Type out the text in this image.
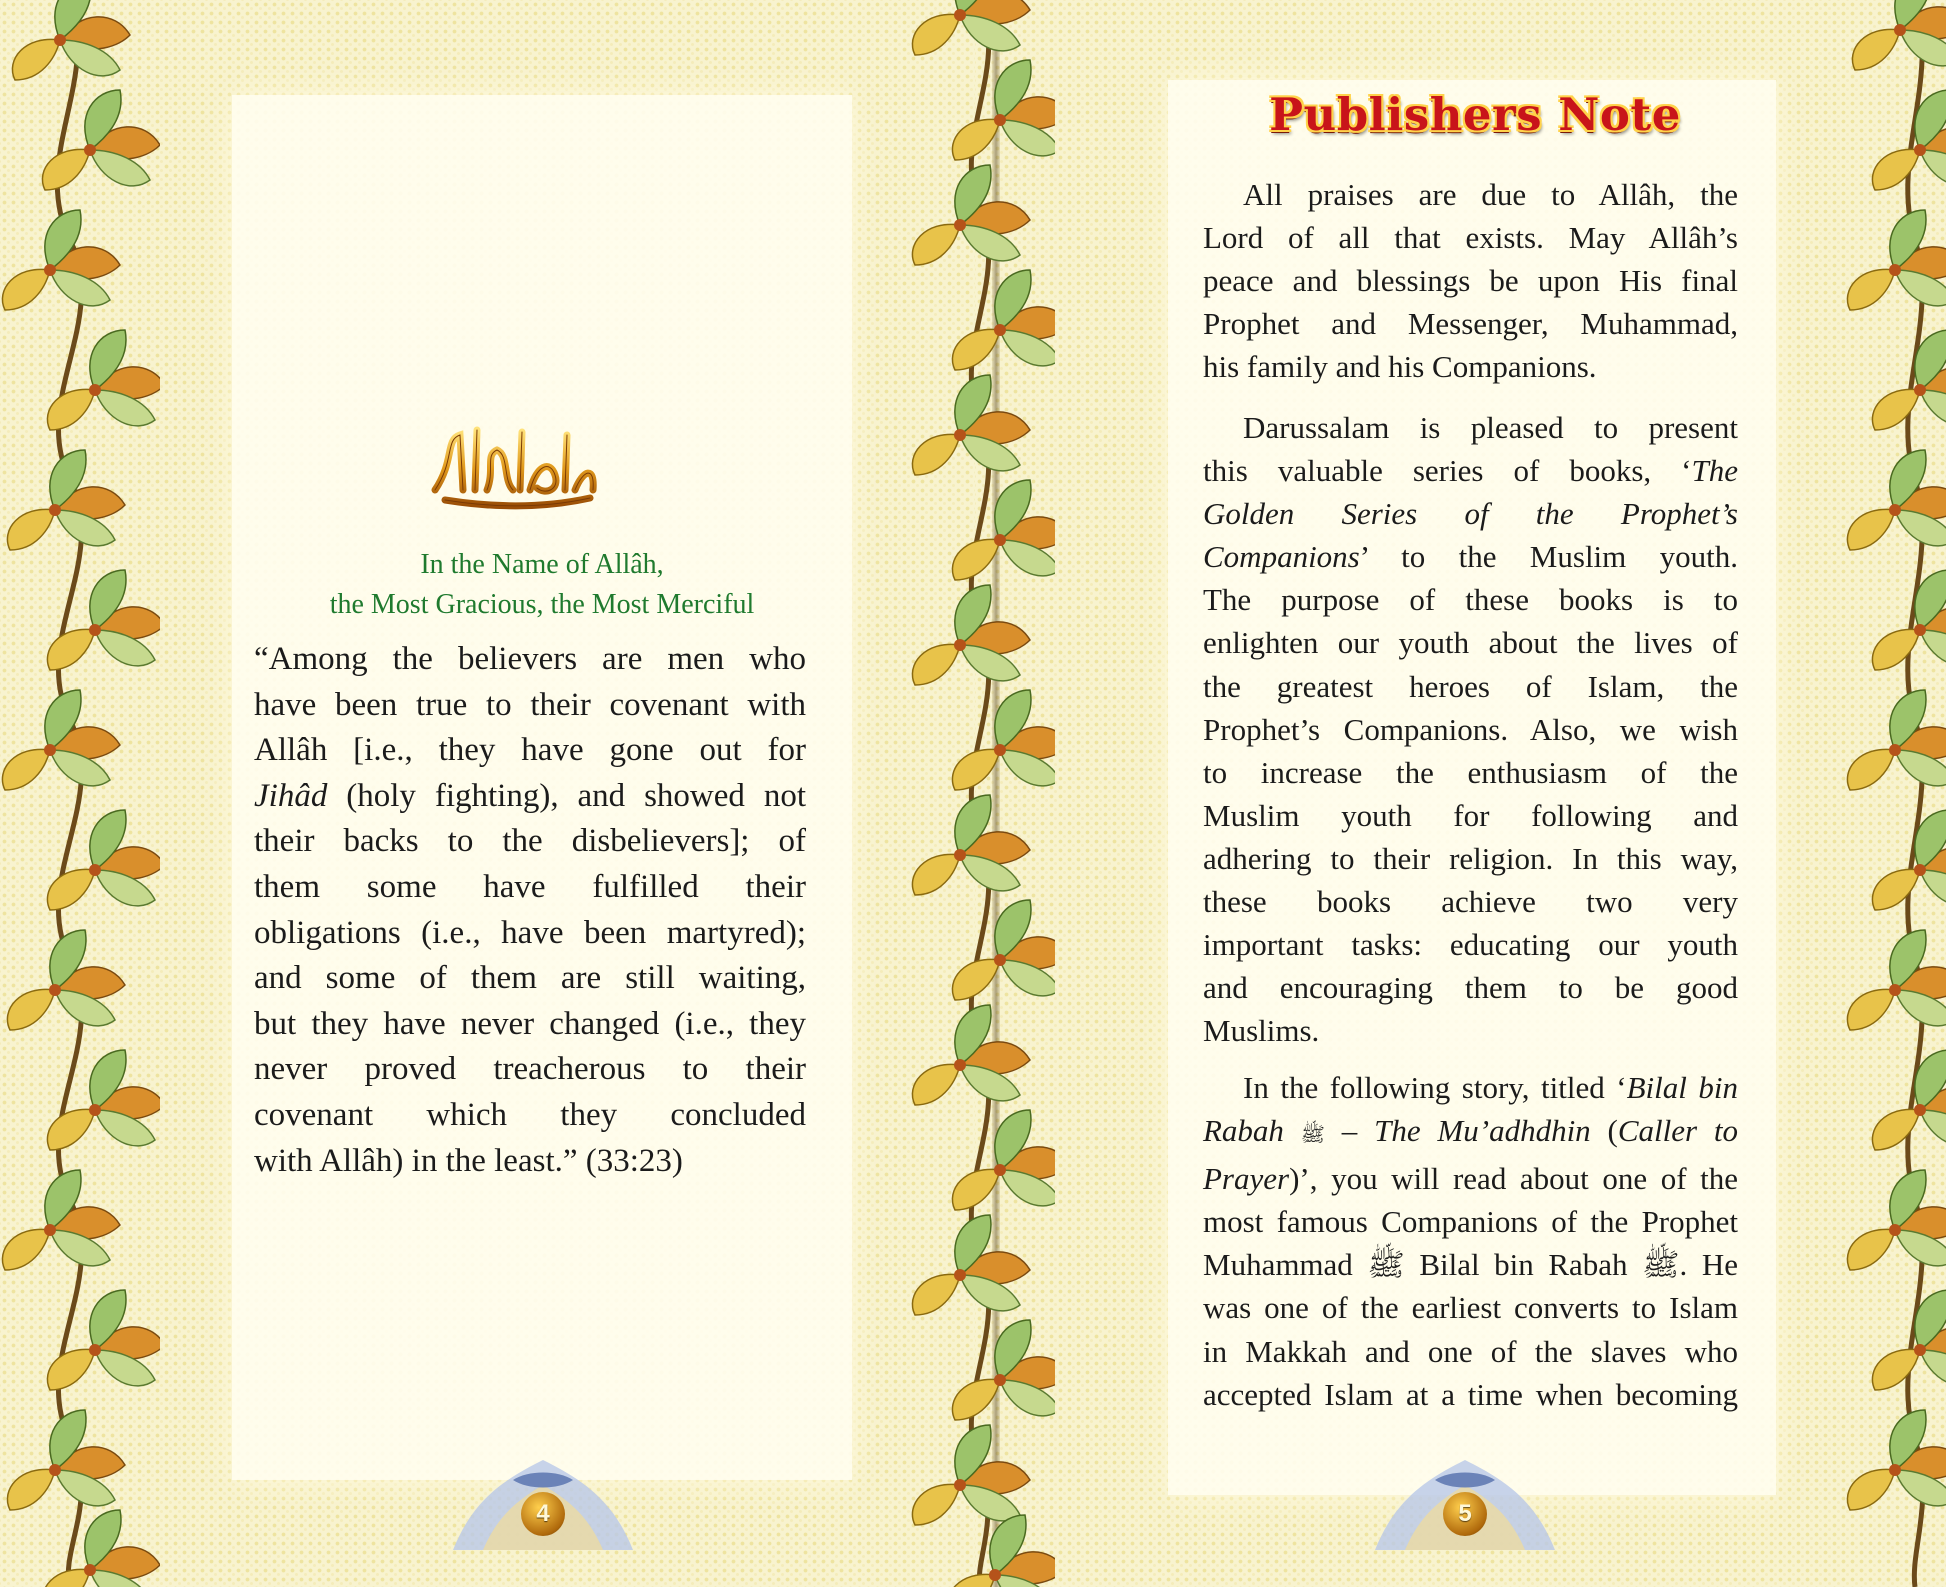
بسم الله الرحمن الرحيم
In the Name of Allâh,
the Most Gracious, the Most Merciful
“Among the believers are men who
have been true to their covenant with
Allâh [i.e., they have gone out for
Jihâd (holy fighting), and showed not
their backs to the disbelievers]; of
them some have fulfilled their
obligations (i.e., have been martyred);
and some of them are still waiting,
but they have never changed (i.e., they
never proved treacherous to their
covenant which they concluded
with Allâh) in the least.” (33:23)
4
Publishers Note
All praises are due to Allâh, the
Lord of all that exists. May Allâh’s
peace and blessings be upon His final
Prophet and Messenger, Muhammad,
his family and his Companions.
Darussalam is pleased to present
this valuable series of books, ‘The
Golden Series of the Prophet’s
Companions’ to the Muslim youth.
The purpose of these books is to
enlighten our youth about the lives of
the greatest heroes of Islam, the
Prophet’s Companions. Also, we wish
to increase the enthusiasm of the
Muslim youth for following and
adhering to their religion. In this way,
these books achieve two very
important tasks: educating our youth
and encouraging them to be good
Muslims.
In the following story, titled ‘Bilal bin
Rabah ﷺ – The Mu’adhdhin (Caller to
Prayer)’, you will read about one of the
most famous Companions of the Prophet
Muhammad ﷺ Bilal bin Rabah ﷺ. He
was one of the earliest converts to Islam
in Makkah and one of the slaves who
accepted Islam at a time when becoming
5
